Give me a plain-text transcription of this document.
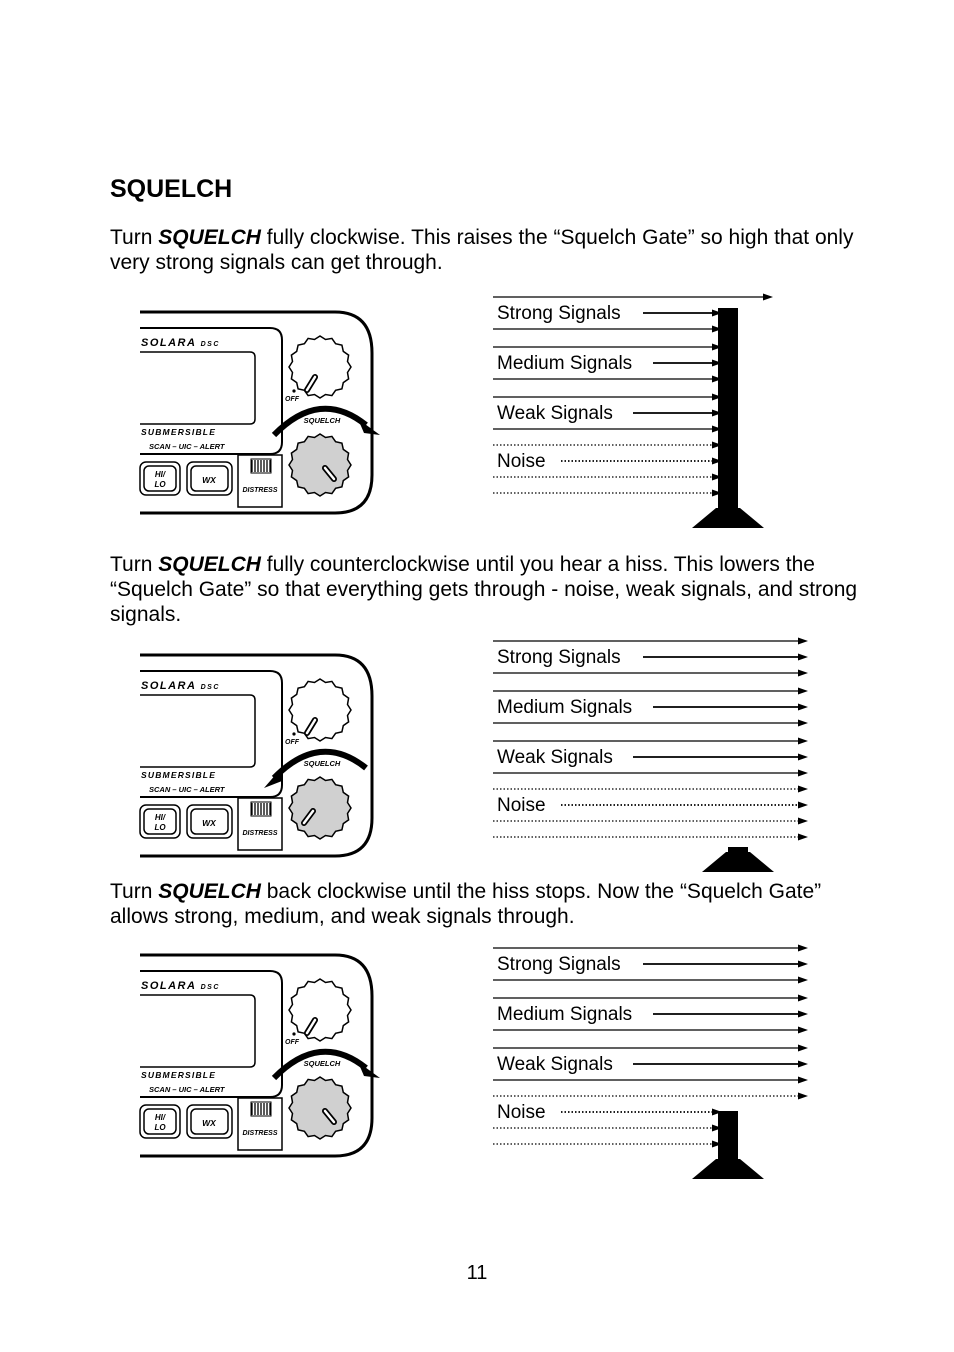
SQUELCH

Turn SQUELCH fully clockwise. This raises the “Squelch Gate” so high that only very strong signals can get through.

SOLARA DSC
SUBMERSIBLE
SCAN – UIC – ALERT
HI/
LO	WX
DISTRESS
OFF
SQUELCH
Strong Signals
Medium Signals
Weak Signals
Noise

Turn SQUELCH fully counterclockwise until you hear a hiss. This lowers the “Squelch Gate” so that everything gets through - noise, weak signals, and strong signals.

SOLARA DSC
SUBMERSIBLE
SCAN – UIC – ALERT
HI/
LO	WX
DISTRESS
OFF
SQUELCH
Strong Signals
Medium Signals
Weak Signals
Noise

Turn SQUELCH back clockwise until the hiss stops. Now the “Squelch Gate” allows strong, medium, and weak signals through.

SOLARA DSC
SUBMERSIBLE
SCAN – UIC – ALERT
HI/
LO	WX
DISTRESS
OFF
SQUELCH
Strong Signals
Medium Signals
Weak Signals
Noise
11
